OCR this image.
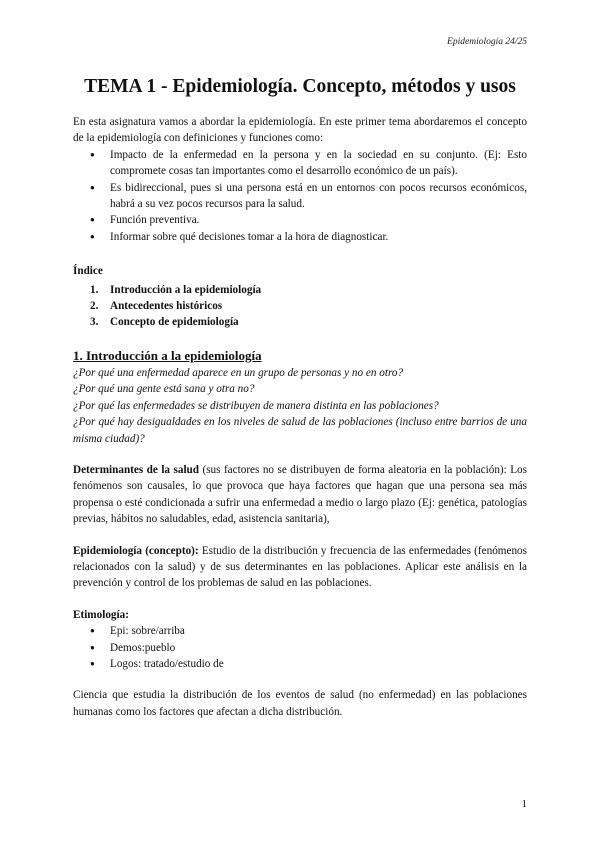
Epidemiología 24/25
TEMA 1 - Epidemiología. Concepto, métodos y usos

En esta asignatura vamos a abordar la epidemiología. En este primer tema abordaremos el concepto de la epidemiología con definiciones y funciones como:

● Impacto de la enfermedad en la persona y en la sociedad en su conjunto. (Ej: Esto compromete cosas tan importantes como el desarrollo económico de un país).
● Es bidireccional, pues si una persona está en un entornos con pocos recursos económicos, habrá a su vez pocos recursos para la salud.
● Función preventiva.
● Informar sobre qué decisiones tomar a la hora de diagnosticar.

Índice

1. Introducción a la epidemiología
2. Antecedentes históricos
3. Concepto de epidemiología

1. Introducción a la epidemiología

¿Por qué una enfermedad aparece en un grupo de personas y no en otro?

¿Por qué una gente está sana y otra no?

¿Por qué las enfermedades se distribuyen de manera distinta en las poblaciones?

¿Por qué hay desigualdades en los niveles de salud de las poblaciones (incluso entre barrios de una misma ciudad)?

Determinantes de la salud (sus factores no se distribuyen de forma aleatoria en la población): Los fenómenos son causales, lo que provoca que haya factores que hagan que una persona sea más propensa o esté condicionada a sufrir una enfermedad a medio o largo plazo (Ej: genética, patologías previas, hábitos no saludables, edad, asistencia sanitaria),

Epidemiología (concepto): Estudio de la distribución y frecuencia de las enfermedades (fenómenos relacionados con la salud) y de sus determinantes en las poblaciones. Aplicar este análisis en la prevención y control de los problemas de salud en las poblaciones.

Etimología:

● Epi: sobre/arriba
● Demos:pueblo
● Logos: tratado/estudio de

Ciencia que estudia la distribución de los eventos de salud (no enfermedad) en las poblaciones humanas como los factores que afectan a dicha distribución.

1
